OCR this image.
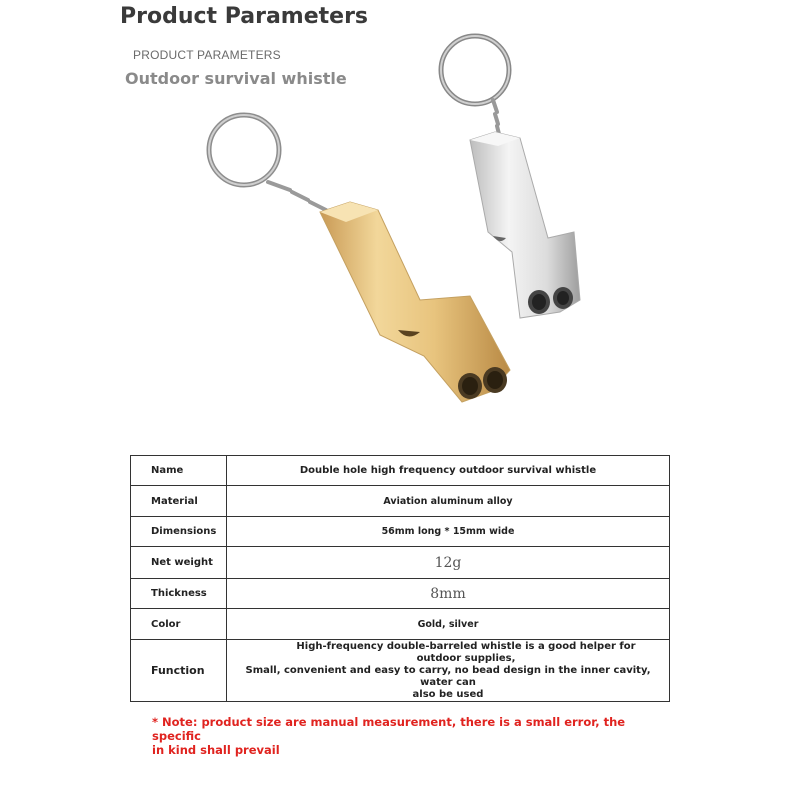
Product Parameters
PRODUCT PARAMETERS
Outdoor survival whistle
Name	Double hole high frequency outdoor survival whistle
Material	Aviation aluminum alloy
Dimensions	56mm long * 15mm wide
Net weight	12g
Thickness	8mm
Color	Gold, silver
Function	High-frequency double-barreled whistle is a good helper for
outdoor supplies,
Small, convenient and easy to carry, no bead design in the inner cavity, water can
also be used
* Note: product size are manual measurement, there is a small error, the specific
in kind shall prevail
